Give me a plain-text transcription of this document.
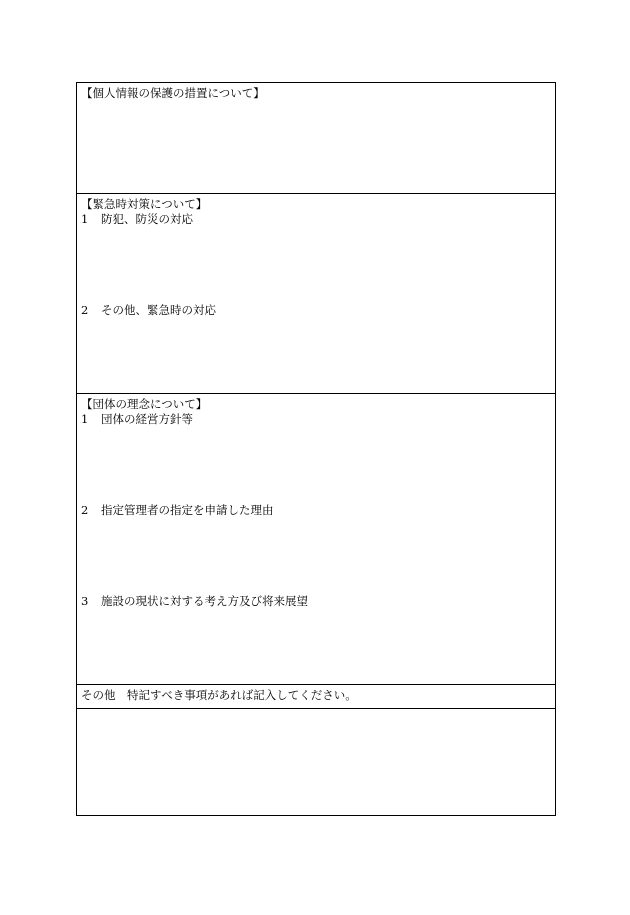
【個人情報の保護の措置について】
【緊急時対策について】
1 防犯、防災の対応
2 その他、緊急時の対応
【団体の理念について】
1 団体の経営方針等
2 指定管理者の指定を申請した理由
3 施設の現状に対する考え方及び将来展望
その他　特記すべき事項があれば記入してください。
